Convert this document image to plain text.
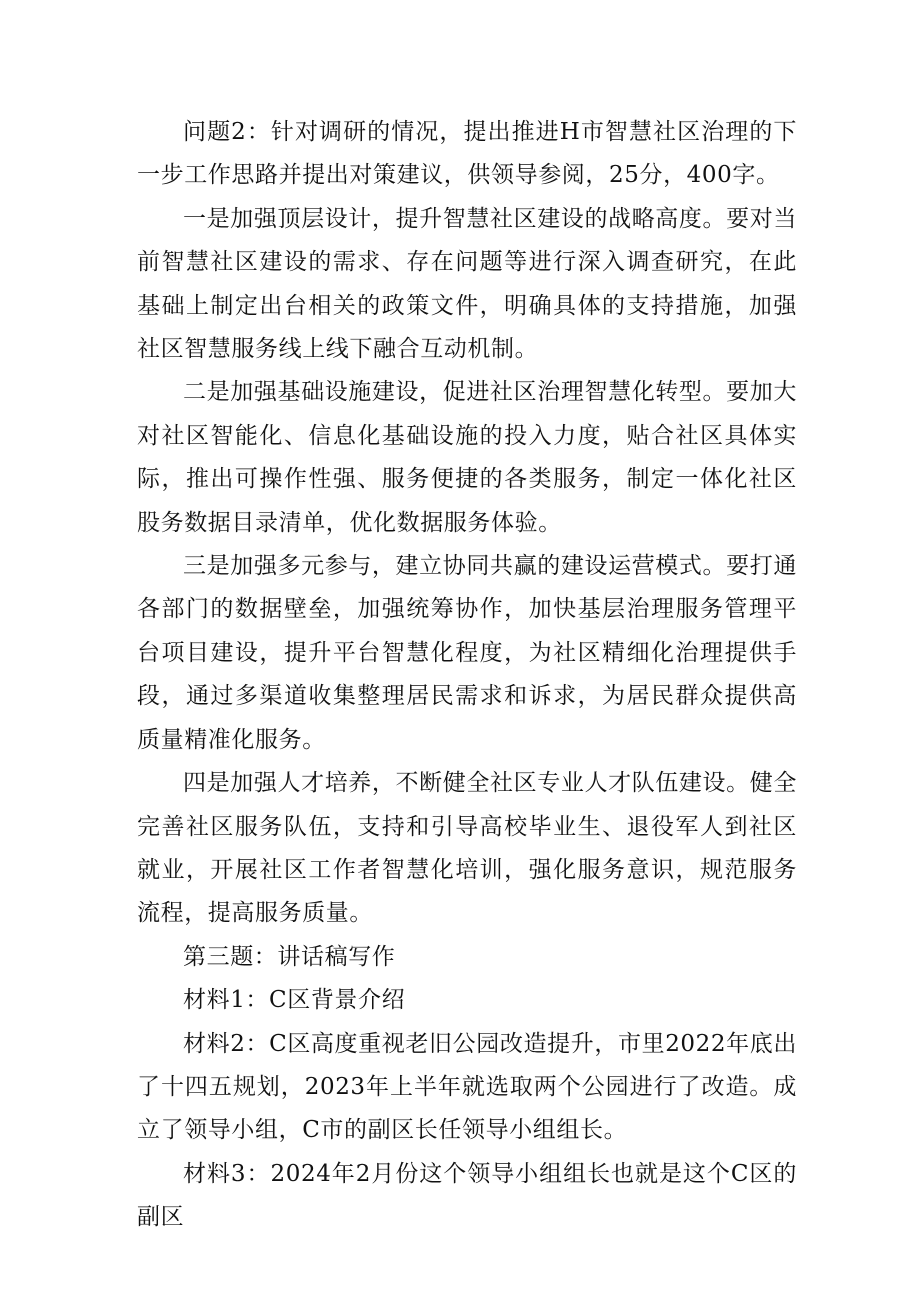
问题2：针对调研的情况，提出推进H市智慧社区治理的下一步工作思路并提出对策建议，供领导参阅，25分，400字。

一是加强顶层设计，提升智慧社区建设的战略高度。要对当前智慧社区建设的需求、存在问题等进行深入调查研究，在此基础上制定出台相关的政策文件，明确具体的支持措施，加强社区智慧服务线上线下融合互动机制。

二是加强基础设施建设，促进社区治理智慧化转型。要加大对社区智能化、信息化基础设施的投入力度，贴合社区具体实际，推出可操作性强、服务便捷的各类服务，制定一体化社区股务数据目录清单，优化数据服务体验。

三是加强多元参与，建立协同共赢的建设运营模式。要打通各部门的数据壁垒，加强统筹协作，加快基层治理服务管理平台项目建设，提升平台智慧化程度，为社区精细化治理提供手段，通过多渠道收集整理居民需求和诉求，为居民群众提供高质量精准化服务。

四是加强人才培养，不断健全社区专业人才队伍建设。健全完善社区服务队伍，支持和引导高校毕业生、退役军人到社区就业，开展社区工作者智慧化培训，强化服务意识，规范服务流程，提高服务质量。

第三题：讲话稿写作

材料1：C区背景介绍

材料2：C区高度重视老旧公园改造提升，市里2022年底出了十四五规划，2023年上半年就选取两个公园进行了改造。成立了领导小组，C市的副区长任领导小组组长。

材料3：2024年2月份这个领导小组组长也就是这个C区的副区
